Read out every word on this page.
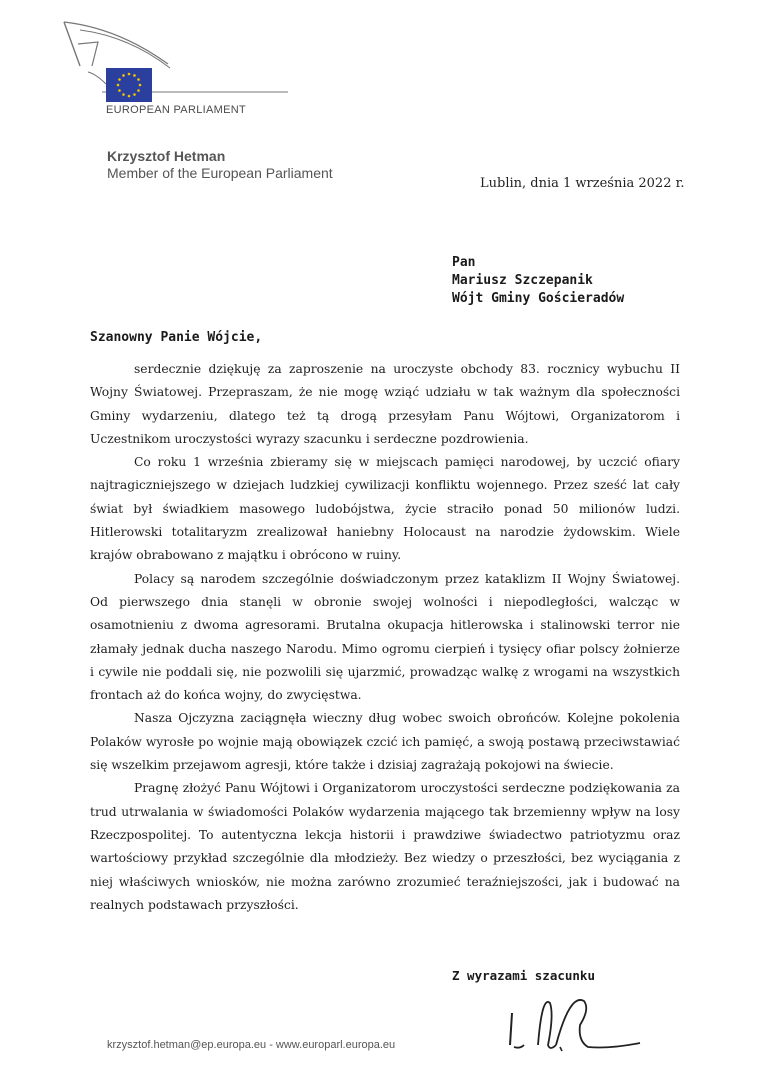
EUROPEAN PARLIAMENT
Krzysztof Hetman
Member of the European Parliament
Lublin, dnia 1 września 2022 r.
Pan
Mariusz Szczepanik
Wójt Gminy Gościeradów
Szanowny Panie Wójcie,

serdecznie dziękuję za zaproszenie na uroczyste obchody 83. rocznicy wybuchu II Wojny Światowej. Przepraszam, że nie mogę wziąć udziału w tak ważnym dla społeczności Gminy wydarzeniu, dlatego też tą drogą przesyłam Panu Wójtowi, Organizatorom i Uczestnikom uroczystości wyrazy szacunku i serdeczne pozdrowienia.

Co roku 1 września zbieramy się w miejscach pamięci narodowej, by uczcić ofiary najtragiczniejszego w dziejach ludzkiej cywilizacji konfliktu wojennego. Przez sześć lat cały świat był świadkiem masowego ludobójstwa, życie straciło ponad 50 milionów ludzi. Hitlerowski totalitaryzm zrealizował haniebny Holocaust na narodzie żydowskim. Wiele krajów obrabowano z majątku i obrócono w ruiny.

Polacy są narodem szczególnie doświadczonym przez kataklizm II Wojny Światowej. Od pierwszego dnia stanęli w obronie swojej wolności i niepodległości, walcząc w osamotnieniu z dwoma agresorami. Brutalna okupacja hitlerowska i stalinowski terror nie złamały jednak ducha naszego Narodu. Mimo ogromu cierpień i tysięcy ofiar polscy żołnierze i cywile nie poddali się, nie pozwolili się ujarzmić, prowadząc walkę z wrogami na wszystkich frontach aż do końca wojny, do zwycięstwa.

Nasza Ojczyzna zaciągnęła wieczny dług wobec swoich obrońców. Kolejne pokolenia Polaków wyrosłe po wojnie mają obowiązek czcić ich pamięć, a swoją postawą przeciwstawiać się wszelkim przejawom agresji, które także i dzisiaj zagrażają pokojowi na świecie.

Pragnę złożyć Panu Wójtowi i Organizatorom uroczystości serdeczne podziękowania za trud utrwalania w świadomości Polaków wydarzenia mającego tak brzemienny wpływ na losy Rzeczpospolitej. To autentyczna lekcja historii i prawdziwe świadectwo patriotyzmu oraz wartościowy przykład szczególnie dla młodzieży. Bez wiedzy o przeszłości, bez wyciągania z niej właściwych wniosków, nie można zarówno zrozumieć teraźniejszości, jak i budować na realnych podstawach przyszłości.

Z wyrazami szacunku
krzysztof.hetman@ep.europa.eu - www.europarl.europa.eu
